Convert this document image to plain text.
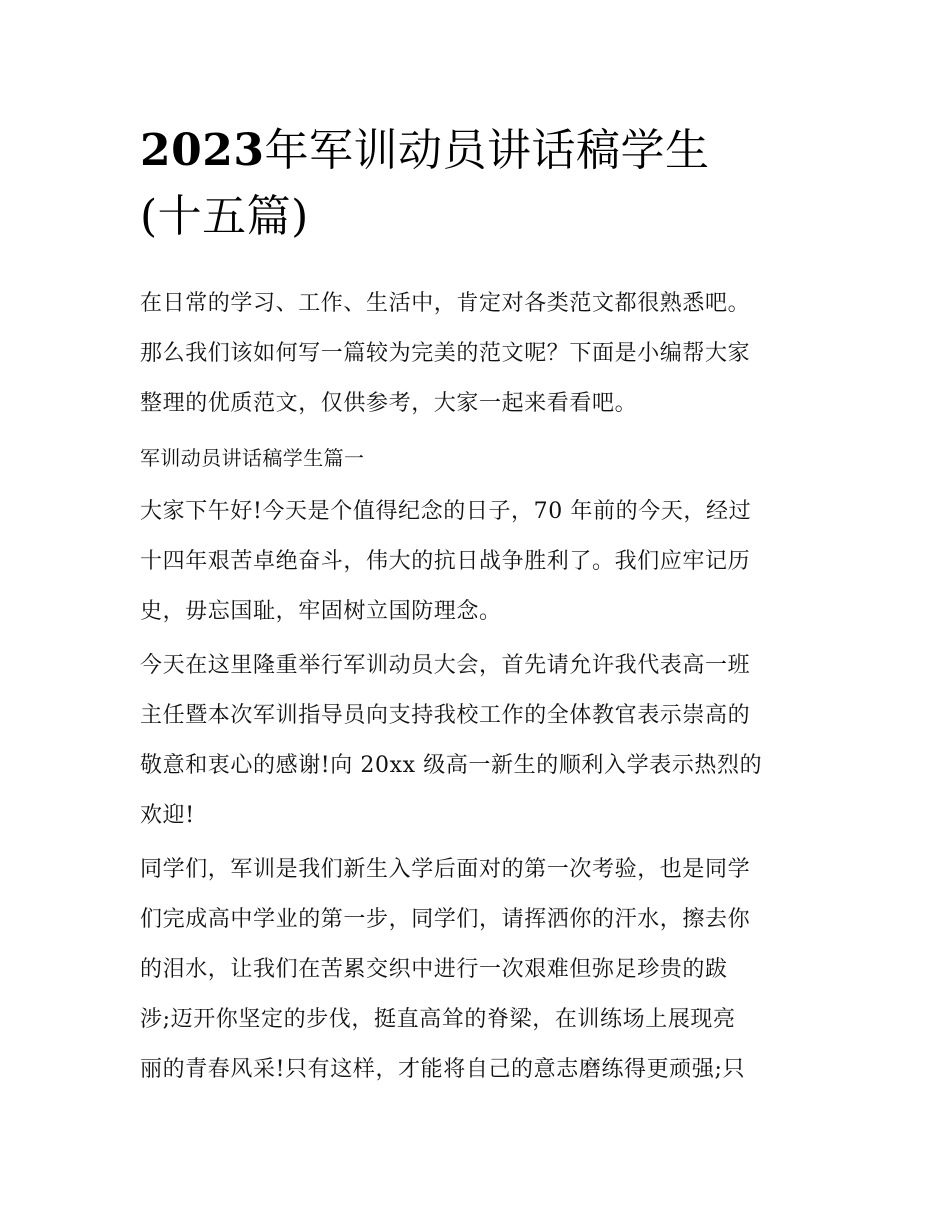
2023年军训动员讲话稿学生
(十五篇)

在日常的学习、工作、生活中，肯定对各类范文都很熟悉吧。
那么我们该如何写一篇较为完美的范文呢？下面是小编帮大家
整理的优质范文，仅供参考，大家一起来看看吧。

军训动员讲话稿学生篇一

大家下午好!今天是个值得纪念的日子，70 年前的今天，经过
十四年艰苦卓绝奋斗，伟大的抗日战争胜利了。我们应牢记历
史，毋忘国耻，牢固树立国防理念。

今天在这里隆重举行军训动员大会，首先请允许我代表高一班
主任暨本次军训指导员向支持我校工作的全体教官表示崇高的
敬意和衷心的感谢!向 20xx 级高一新生的顺利入学表示热烈的
欢迎!

同学们，军训是我们新生入学后面对的第一次考验，也是同学
们完成高中学业的第一步，同学们，请挥洒你的汗水，擦去你
的泪水，让我们在苦累交织中进行一次艰难但弥足珍贵的跋
涉;迈开你坚定的步伐，挺直高耸的脊梁，在训练场上展现亮
丽的青春风采!只有这样，才能将自己的意志磨练得更顽强;只
